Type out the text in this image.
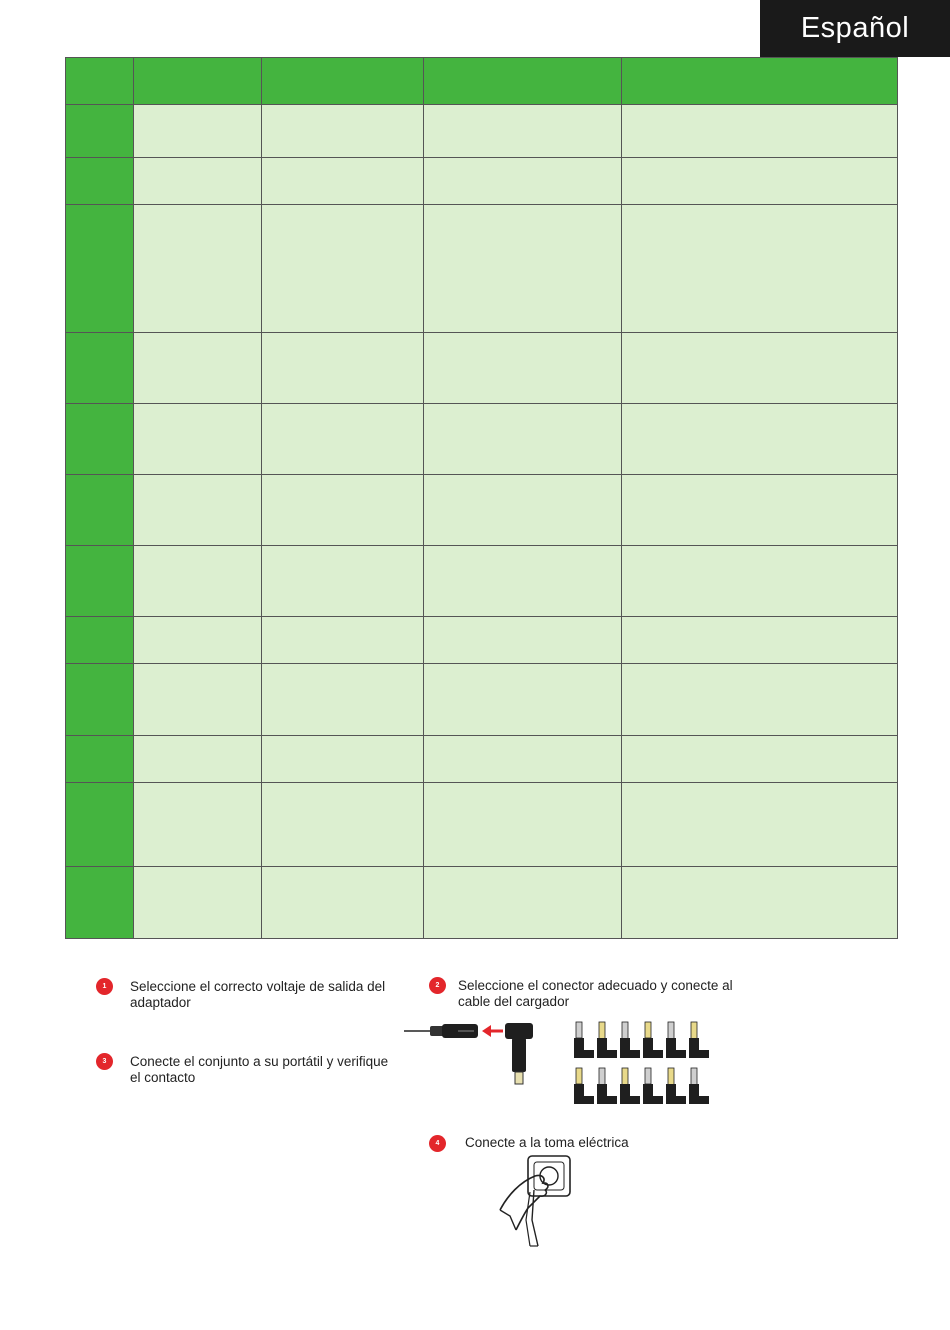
Español

1	Seleccione el correcto voltaje de salida del
adaptador
2	Seleccione el conector adecuado y conecte al
cable del cargador
3	Conecte el conjunto a su portátil y verifique
el contacto
4	Conecte a la toma eléctrica
